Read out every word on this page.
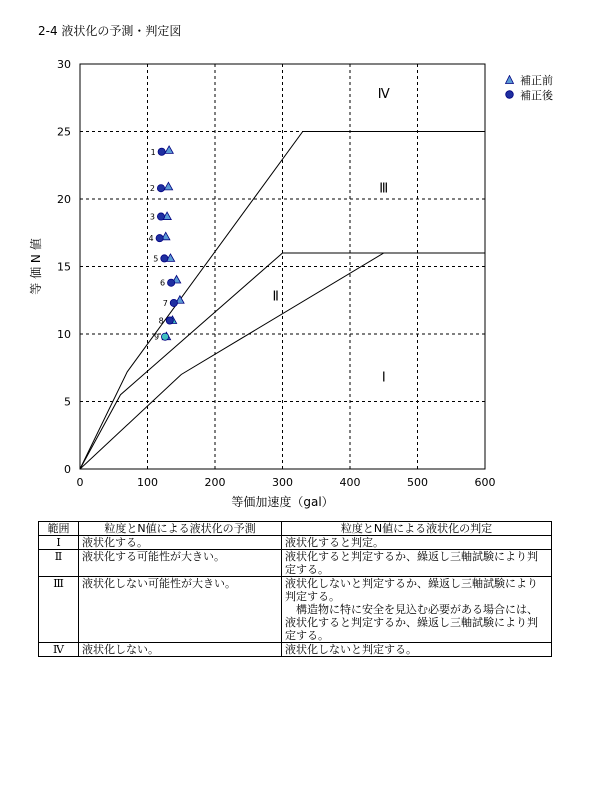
2-4 液状化の予測・判定図
0	100	200	300	400	500	600
0
5
10
15
20
25
30
等価加速度（gal）
等 価 N 値
Ⅳ
Ⅲ
Ⅱ
Ⅰ
1
2
3
4
5
6
7
8
9
補正前
補正後
範囲	粒度とN値による液状化の予測	粒度とN値による液状化の判定
Ⅰ	液状化する。	液状化すると判定。

Ⅱ	液状化する可能性が大きい。	液状化すると判定するか、繰返し三軸試験により判定する。

Ⅲ	液状化しない可能性が大きい。	液状化しないと判定するか、繰返し三軸試験により判定する。
構造物に特に安全を見込む必要がある場合には、液状化すると判定するか、繰返し三軸試験により判定する。

Ⅳ	液状化しない。	液状化しないと判定する。
